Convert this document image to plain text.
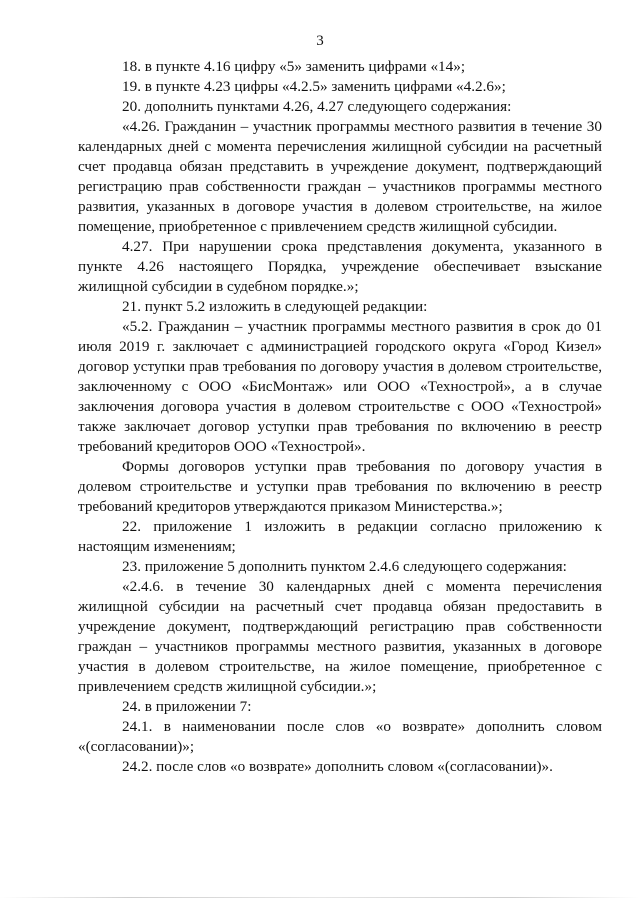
3

18. в пункте 4.16 цифру «5» заменить цифрами «14»;

19. в пункте 4.23 цифры «4.2.5» заменить цифрами «4.2.6»;

20. дополнить пунктами 4.26, 4.27 следующего содержания:

«4.26. Гражданин – участник программы местного развития в течение 30 календарных дней с момента перечисления жилищной субсидии на расчетный счет продавца обязан представить в учреждение документ, подтверждающий регистрацию прав собственности граждан – участников программы местного развития, указанных в договоре участия в долевом строительстве, на жилое помещение, приобретенное с привлечением средств жилищной субсидии.

4.27. При нарушении срока представления документа, указанного в пункте 4.26 настоящего Порядка, учреждение обеспечивает взыскание жилищной субсидии в судебном порядке.»;

21. пункт 5.2 изложить в следующей редакции:

«5.2. Гражданин – участник программы местного развития в срок до 01 июля 2019 г. заключает с администрацией городского округа «Город Кизел» договор уступки прав требования по договору участия в долевом строительстве, заключенному с ООО «БисМонтаж» или ООО «Технострой», а в случае заключения договора участия в долевом строительстве с ООО «Технострой» также заключает договор уступки прав требования по включению в реестр требований кредиторов ООО «Технострой».

Формы договоров уступки прав требования по договору участия в долевом строительстве и уступки прав требования по включению в реестр требований кредиторов утверждаются приказом Министерства.»;

22. приложение 1 изложить в редакции согласно приложению к настоящим изменениям;

23. приложение 5 дополнить пунктом 2.4.6 следующего содержания:

«2.4.6. в течение 30 календарных дней с момента перечисления жилищной субсидии на расчетный счет продавца обязан предоставить в учреждение документ, подтверждающий регистрацию прав собственности граждан – участников программы местного развития, указанных в договоре участия в долевом строительстве, на жилое помещение, приобретенное с привлечением средств жилищной субсидии.»;

24. в приложении 7:

24.1. в наименовании после слов «о возврате» дополнить словом «(согласовании)»;

24.2. после слов «о возврате» дополнить словом «(согласовании)».
